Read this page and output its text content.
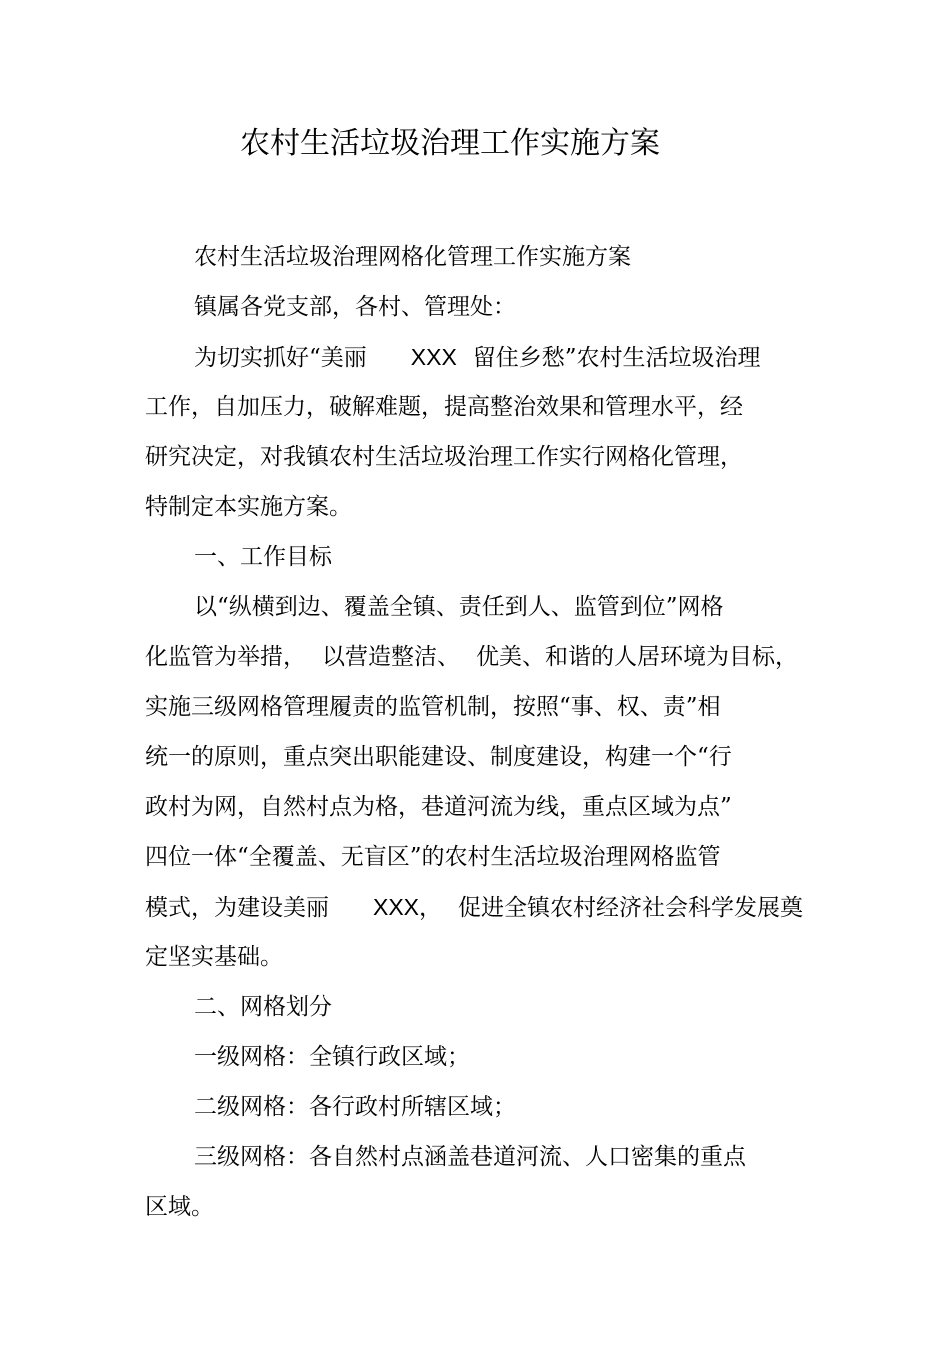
农村生活垃圾治理工作实施方案
农村生活垃圾治理网格化管理工作实施方案
镇属各党支部，各村、管理处：
为切实抓好“美丽 XXX 留住乡愁”农村生活垃圾治理
工作，自加压力，破解难题，提高整治效果和管理水平，经
研究决定，对我镇农村生活垃圾治理工作实行网格化管理，
特制定本实施方案。
一、工作目标
以“纵横到边、覆盖全镇、责任到人、监管到位”网格
化监管为举措， 以营造整洁、 优美、和谐的人居环境为目标，
实施三级网格管理履责的监管机制，按照“事、权、责”相
统一的原则，重点突出职能建设、制度建设，构建一个“行
政村为网，自然村点为格，巷道河流为线，重点区域为点”
四位一体“全覆盖、无盲区”的农村生活垃圾治理网格监管
模式，为建设美丽 XXX， 促进全镇农村经济社会科学发展奠
定坚实基础。
二、网格划分
一级网格：全镇行政区域；
二级网格：各行政村所辖区域；
三级网格：各自然村点涵盖巷道河流、人口密集的重点
区域。
